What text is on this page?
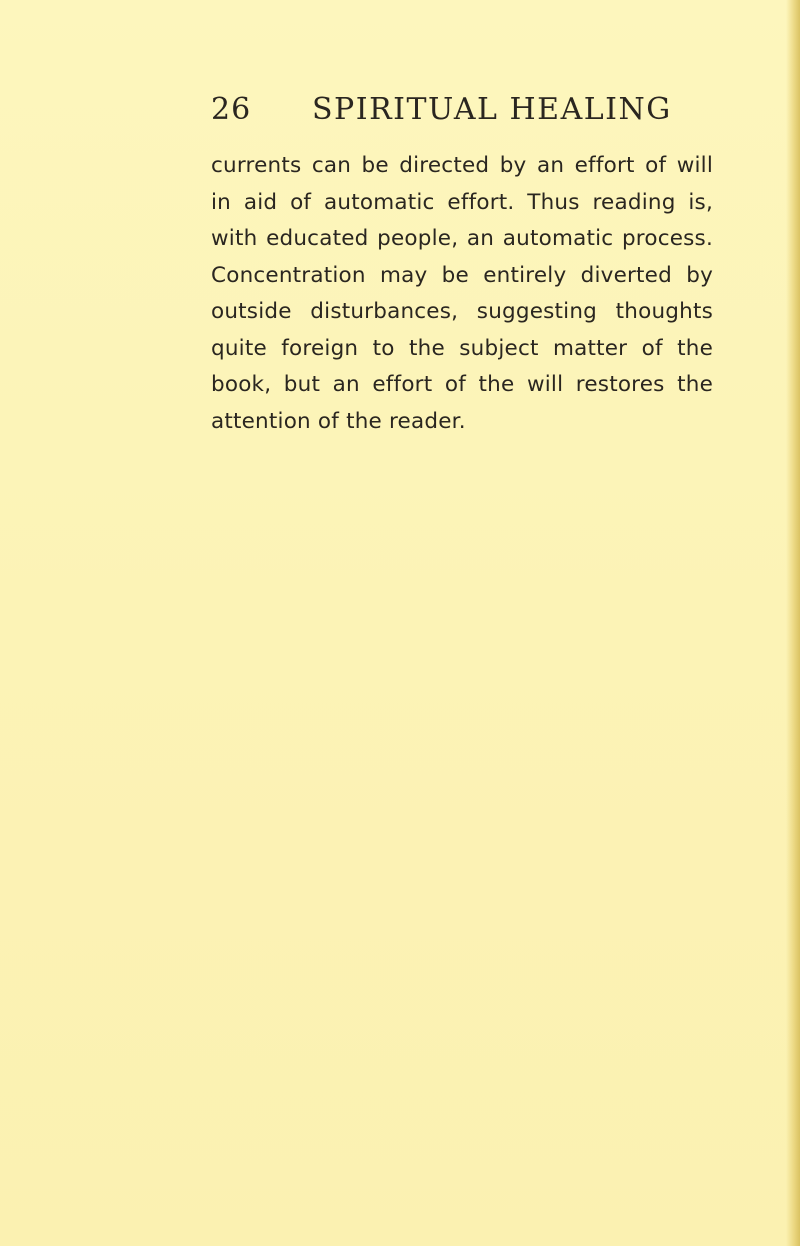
26 SPIRITUAL HEALING
currents can be directed by an effort of will
in aid of automatic effort. Thus reading is,
with educated people, an automatic process.
Concentration may be entirely diverted by
outside disturbances, suggesting thoughts
quite foreign to the subject matter of the
book, but an effort of the will restores the
attention of the reader.
